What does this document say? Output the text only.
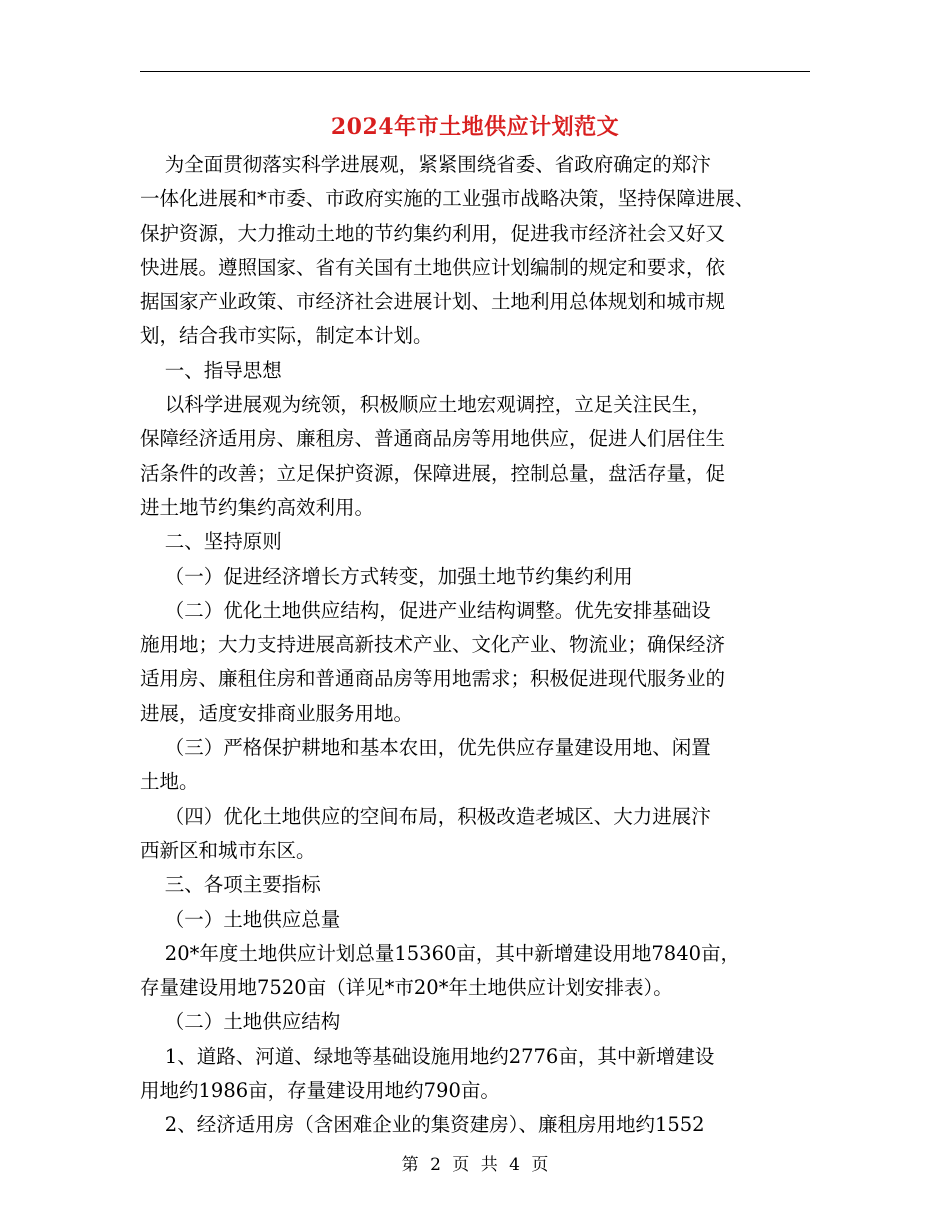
2024年市土地供应计划范文

为全面贯彻落实科学进展观，紧紧围绕省委、省政府确定的郑汴

一体化进展和*市委、市政府实施的工业强市战略决策，坚持保障进展、

保护资源，大力推动土地的节约集约利用，促进我市经济社会又好又

快进展。遵照国家、省有关国有土地供应计划编制的规定和要求，依

据国家产业政策、市经济社会进展计划、土地利用总体规划和城市规

划，结合我市实际，制定本计划。

一、指导思想

以科学进展观为统领，积极顺应土地宏观调控，立足关注民生，

保障经济适用房、廉租房、普通商品房等用地供应，促进人们居住生

活条件的改善；立足保护资源，保障进展，控制总量，盘活存量，促

进土地节约集约高效利用。

二、坚持原则

（一）促进经济增长方式转变，加强土地节约集约利用

（二）优化土地供应结构，促进产业结构调整。优先安排基础设

施用地；大力支持进展高新技术产业、文化产业、物流业；确保经济

适用房、廉租住房和普通商品房等用地需求；积极促进现代服务业的

进展，适度安排商业服务用地。

（三）严格保护耕地和基本农田，优先供应存量建设用地、闲置

土地。

（四）优化土地供应的空间布局，积极改造老城区、大力进展汴

西新区和城市东区。

三、各项主要指标

（一）土地供应总量

20*年度土地供应计划总量15360亩，其中新增建设用地7840亩，

存量建设用地7520亩（详见*市20*年土地供应计划安排表）。

（二）土地供应结构

1、道路、河道、绿地等基础设施用地约2776亩，其中新增建设

用地约1986亩，存量建设用地约790亩。

2、经济适用房（含困难企业的集资建房）、廉租房用地约1552

第 2 页 共 4 页
